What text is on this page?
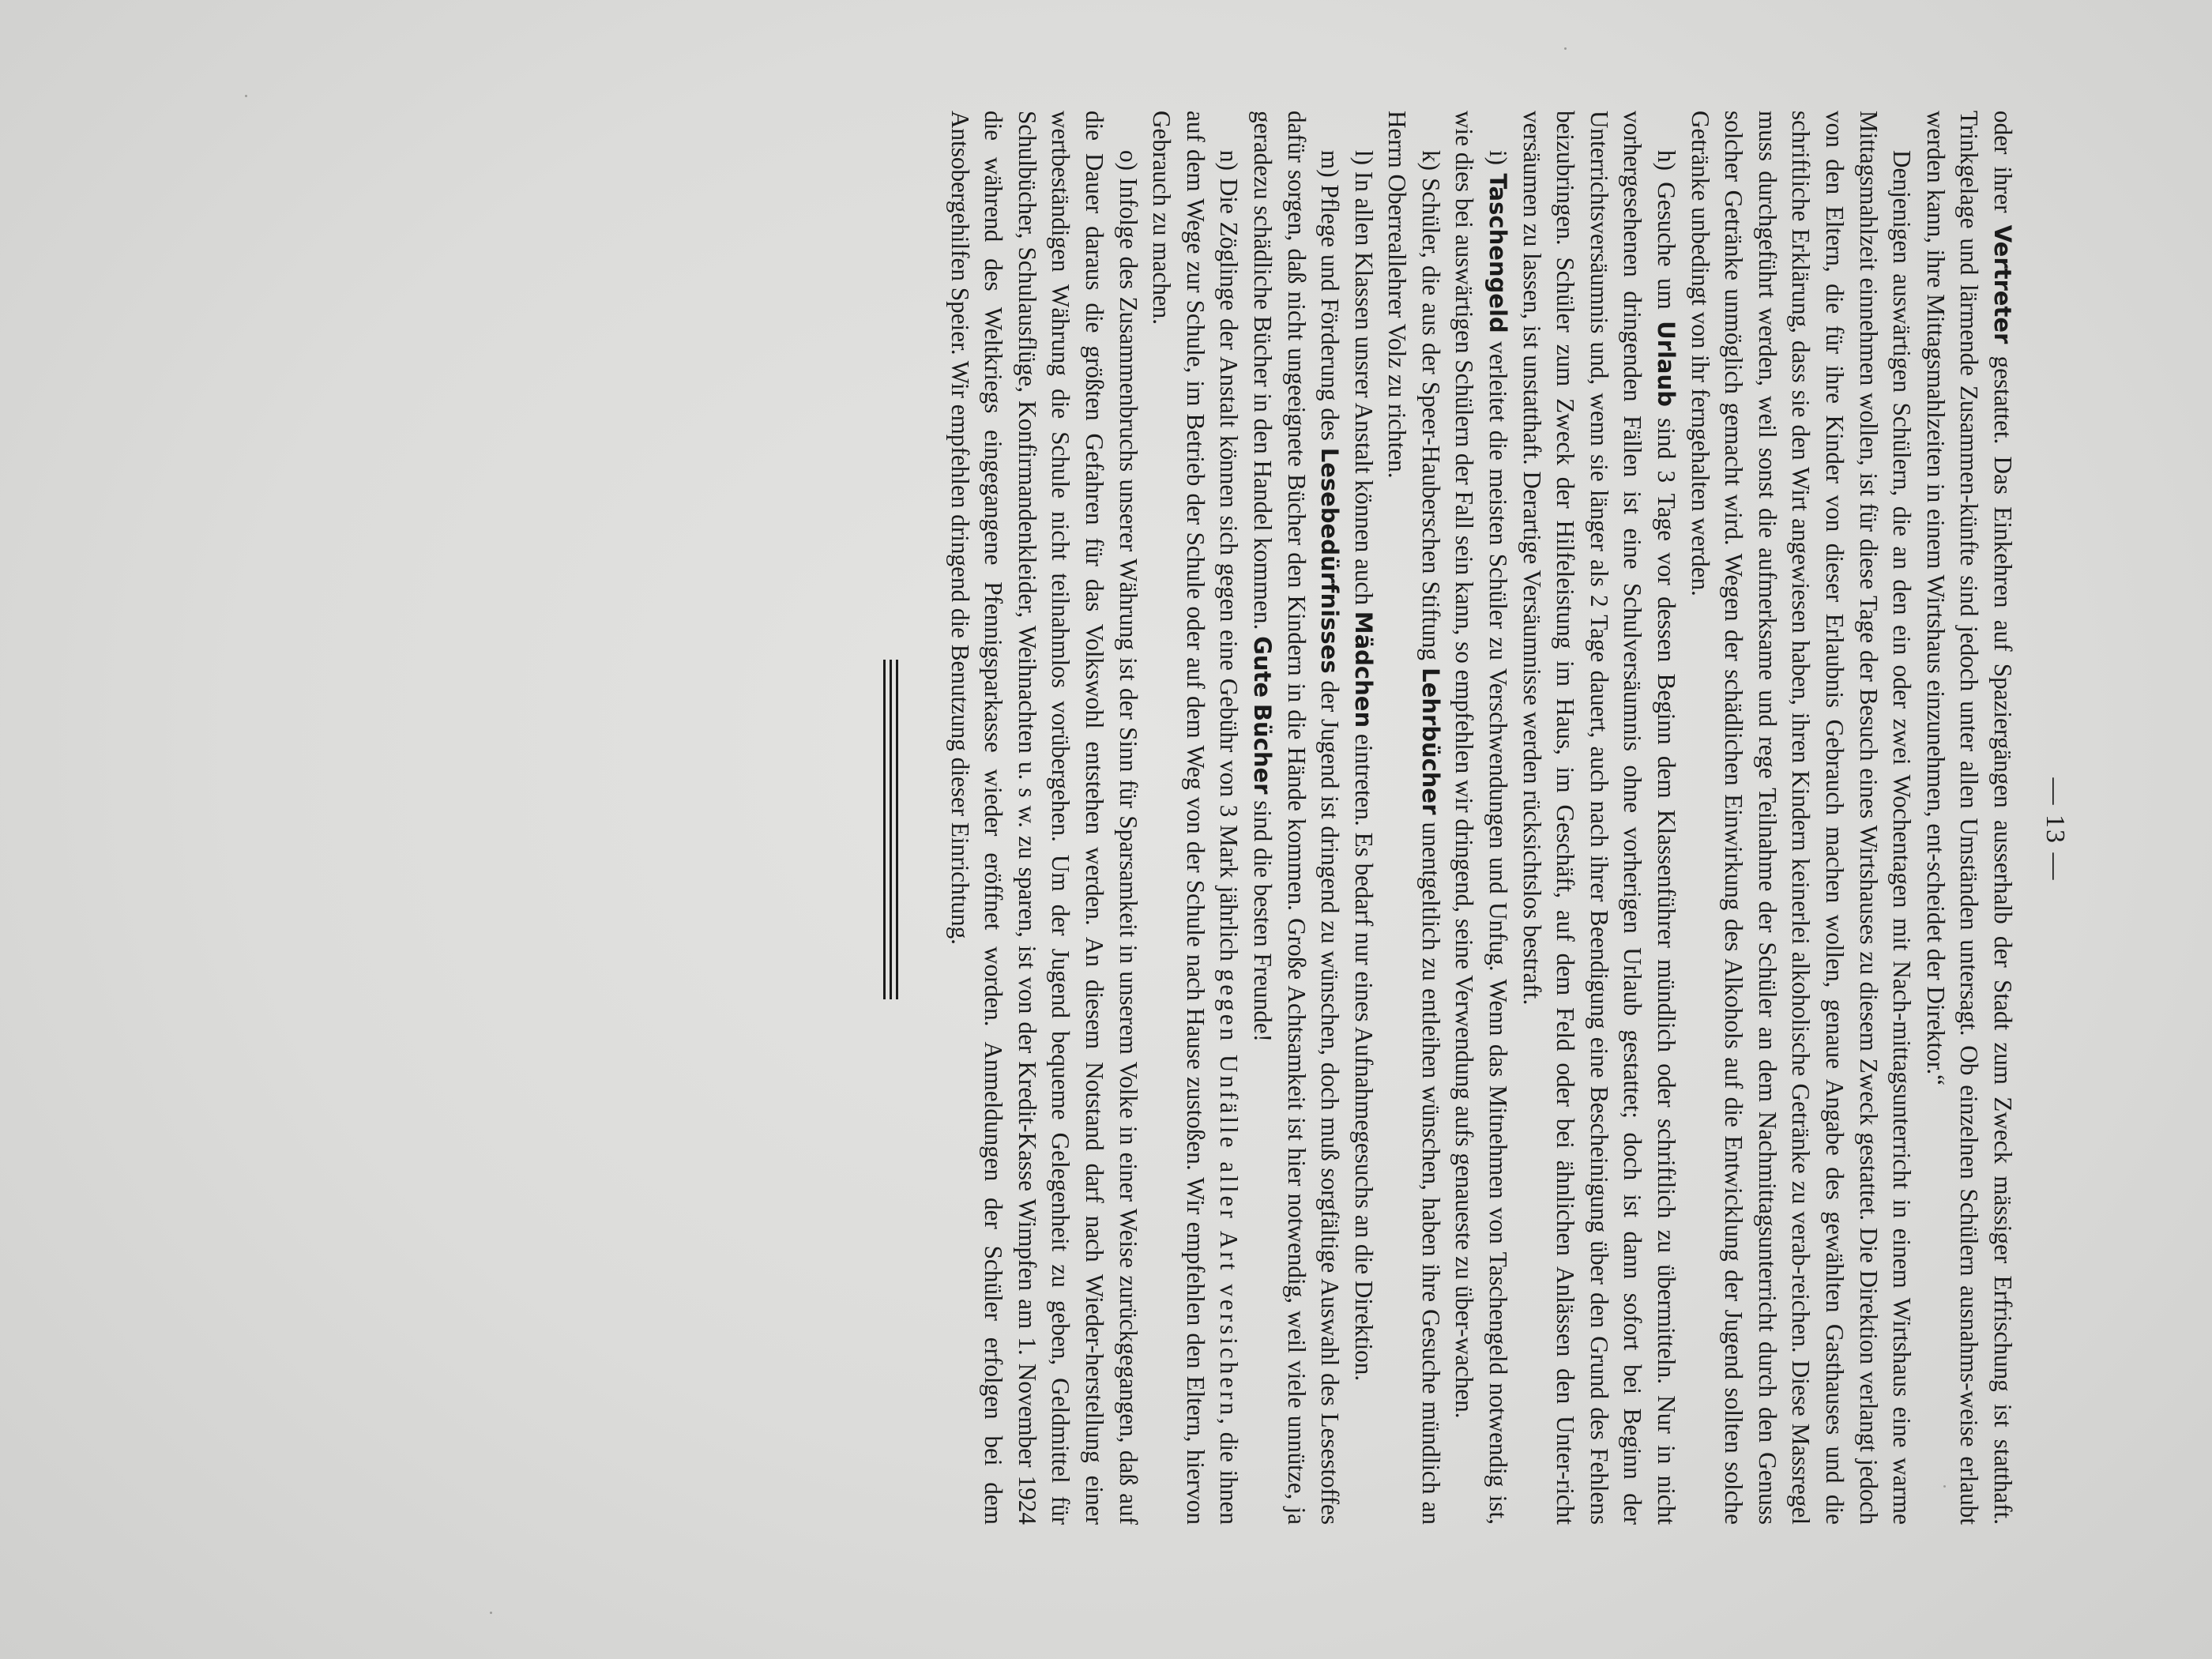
— 13 —

oder ihrer Vertreter gestattet. Das Einkehren auf Spaziergängen ausserhalb der Stadt zum Zweck mässiger Erfrischung ist statthaft. Trinkgelage und lärmende Zusammen-künfte sind jedoch unter allen Umständen untersagt. Ob einzelnen Schülern ausnahms-weise erlaubt werden kann, ihre Mittagsmahlzeiten in einem Wirtshaus einzunehmen, ent-scheidet der Direktor.“

Denjenigen auswärtigen Schülern, die an den ein oder zwei Wochentagen mit Nach-mittagsunterricht in einem Wirtshaus eine warme Mittagsmahlzeit einnehmen wollen, ist für diese Tage der Besuch eines Wirtshauses zu diesem Zweck gestattet. Die Direktion verlangt jedoch von den Eltern, die für ihre Kinder von dieser Erlaubnis Gebrauch machen wollen, genaue Angabe des gewählten Gasthauses und die schriftliche Erklärung, dass sie den Wirt angewiesen haben, ihren Kindern keinerlei alkoholische Getränke zu verab-reichen. Diese Massregel muss durchgeführt werden, weil sonst die aufmerksame und rege Teilnahme der Schüler an dem Nachmittagsunterricht durch den Genuss solcher Getränke unmöglich gemacht wird. Wegen der schädlichen Einwirkung des Alkohols auf die Entwicklung der Jugend sollten solche Getränke unbedingt von ihr ferngehalten werden.

h) Gesuche um Urlaub sind 3 Tage vor dessen Beginn dem Klassenführer mündlich oder schriftlich zu übermitteln. Nur in nicht vorhergesehenen dringenden Fällen ist eine Schulversäumnis ohne vorherigen Urlaub gestattet; doch ist dann sofort bei Beginn der Unterrichtsversäumnis und, wenn sie länger als 2 Tage dauert, auch nach ihrer Beendigung eine Bescheinigung über den Grund des Fehlens beizubringen. Schüler zum Zweck der Hilfeleistung im Haus, im Geschäft, auf dem Feld oder bei ähnlichen Anlässen den Unter-richt versäumen zu lassen, ist unstatthaft. Derartige Versäumnisse werden rücksichtslos bestraft.

i) Taschengeld verleitet die meisten Schüler zu Verschwendungen und Unfug. Wenn das Mitnehmen von Taschengeld notwendig ist, wie dies bei auswärtigen Schülern der Fall sein kann, so empfehlen wir dringend, seine Verwendung aufs genaueste zu über-wachen.

k) Schüler, die aus der Speer-Hauberschen Stiftung Lehrbücher unentgeltlich zu entleihen wünschen, haben ihre Gesuche mündlich an Herrn Oberreallehrer Volz zu richten.

l) In allen Klassen unsrer Anstalt können auch Mädchen eintreten. Es bedarf nur eines Aufnahmegesuchs an die Direktion.

m) Pflege und Förderung des Lesebedürfnisses der Jugend ist dringend zu wünschen, doch muß sorgfältige Auswahl des Lesestoffes dafür sorgen, daß nicht ungeeignete Bücher den Kindern in die Hände kommen. Große Achtsamkeit ist hier notwendig, weil viele unnütze, ja geradezu schädliche Bücher in den Handel kommen. Gute Bücher sind die besten Freunde!

n) Die Zöglinge der Anstalt können sich gegen eine Gebühr von 3 Mark jährlich gegen Unfälle aller Art versichern, die ihnen auf dem Wege zur Schule, im Betrieb der Schule oder auf dem Weg von der Schule nach Hause zustoßen. Wir empfehlen den Eltern, hiervon Gebrauch zu machen.

o) Infolge des Zusammenbruchs unserer Währung ist der Sinn für Sparsamkeit in unserem Volke in einer Weise zurückgegangen, daß auf die Dauer daraus die größten Gefahren für das Volkswohl entstehen werden. An diesem Notstand darf nach Wieder-herstellung einer wertbeständigen Währung die Schule nicht teilnahmlos vorübergehen. Um der Jugend bequeme Gelegenheit zu geben, Geldmittel für Schulbücher, Schulausflüge, Konfirmandenkleider, Weihnachten u. s w. zu sparen, ist von der Kredit-Kasse Wimpfen am 1. November 1924 die während des Weltkriegs eingegangene Pfennigsparkasse wieder eröffnet worden. Anmeldungen der Schüler erfolgen bei dem Antsobergehilfen Speier. Wir empfehlen dringend die Benutzung dieser Einrichtung.
